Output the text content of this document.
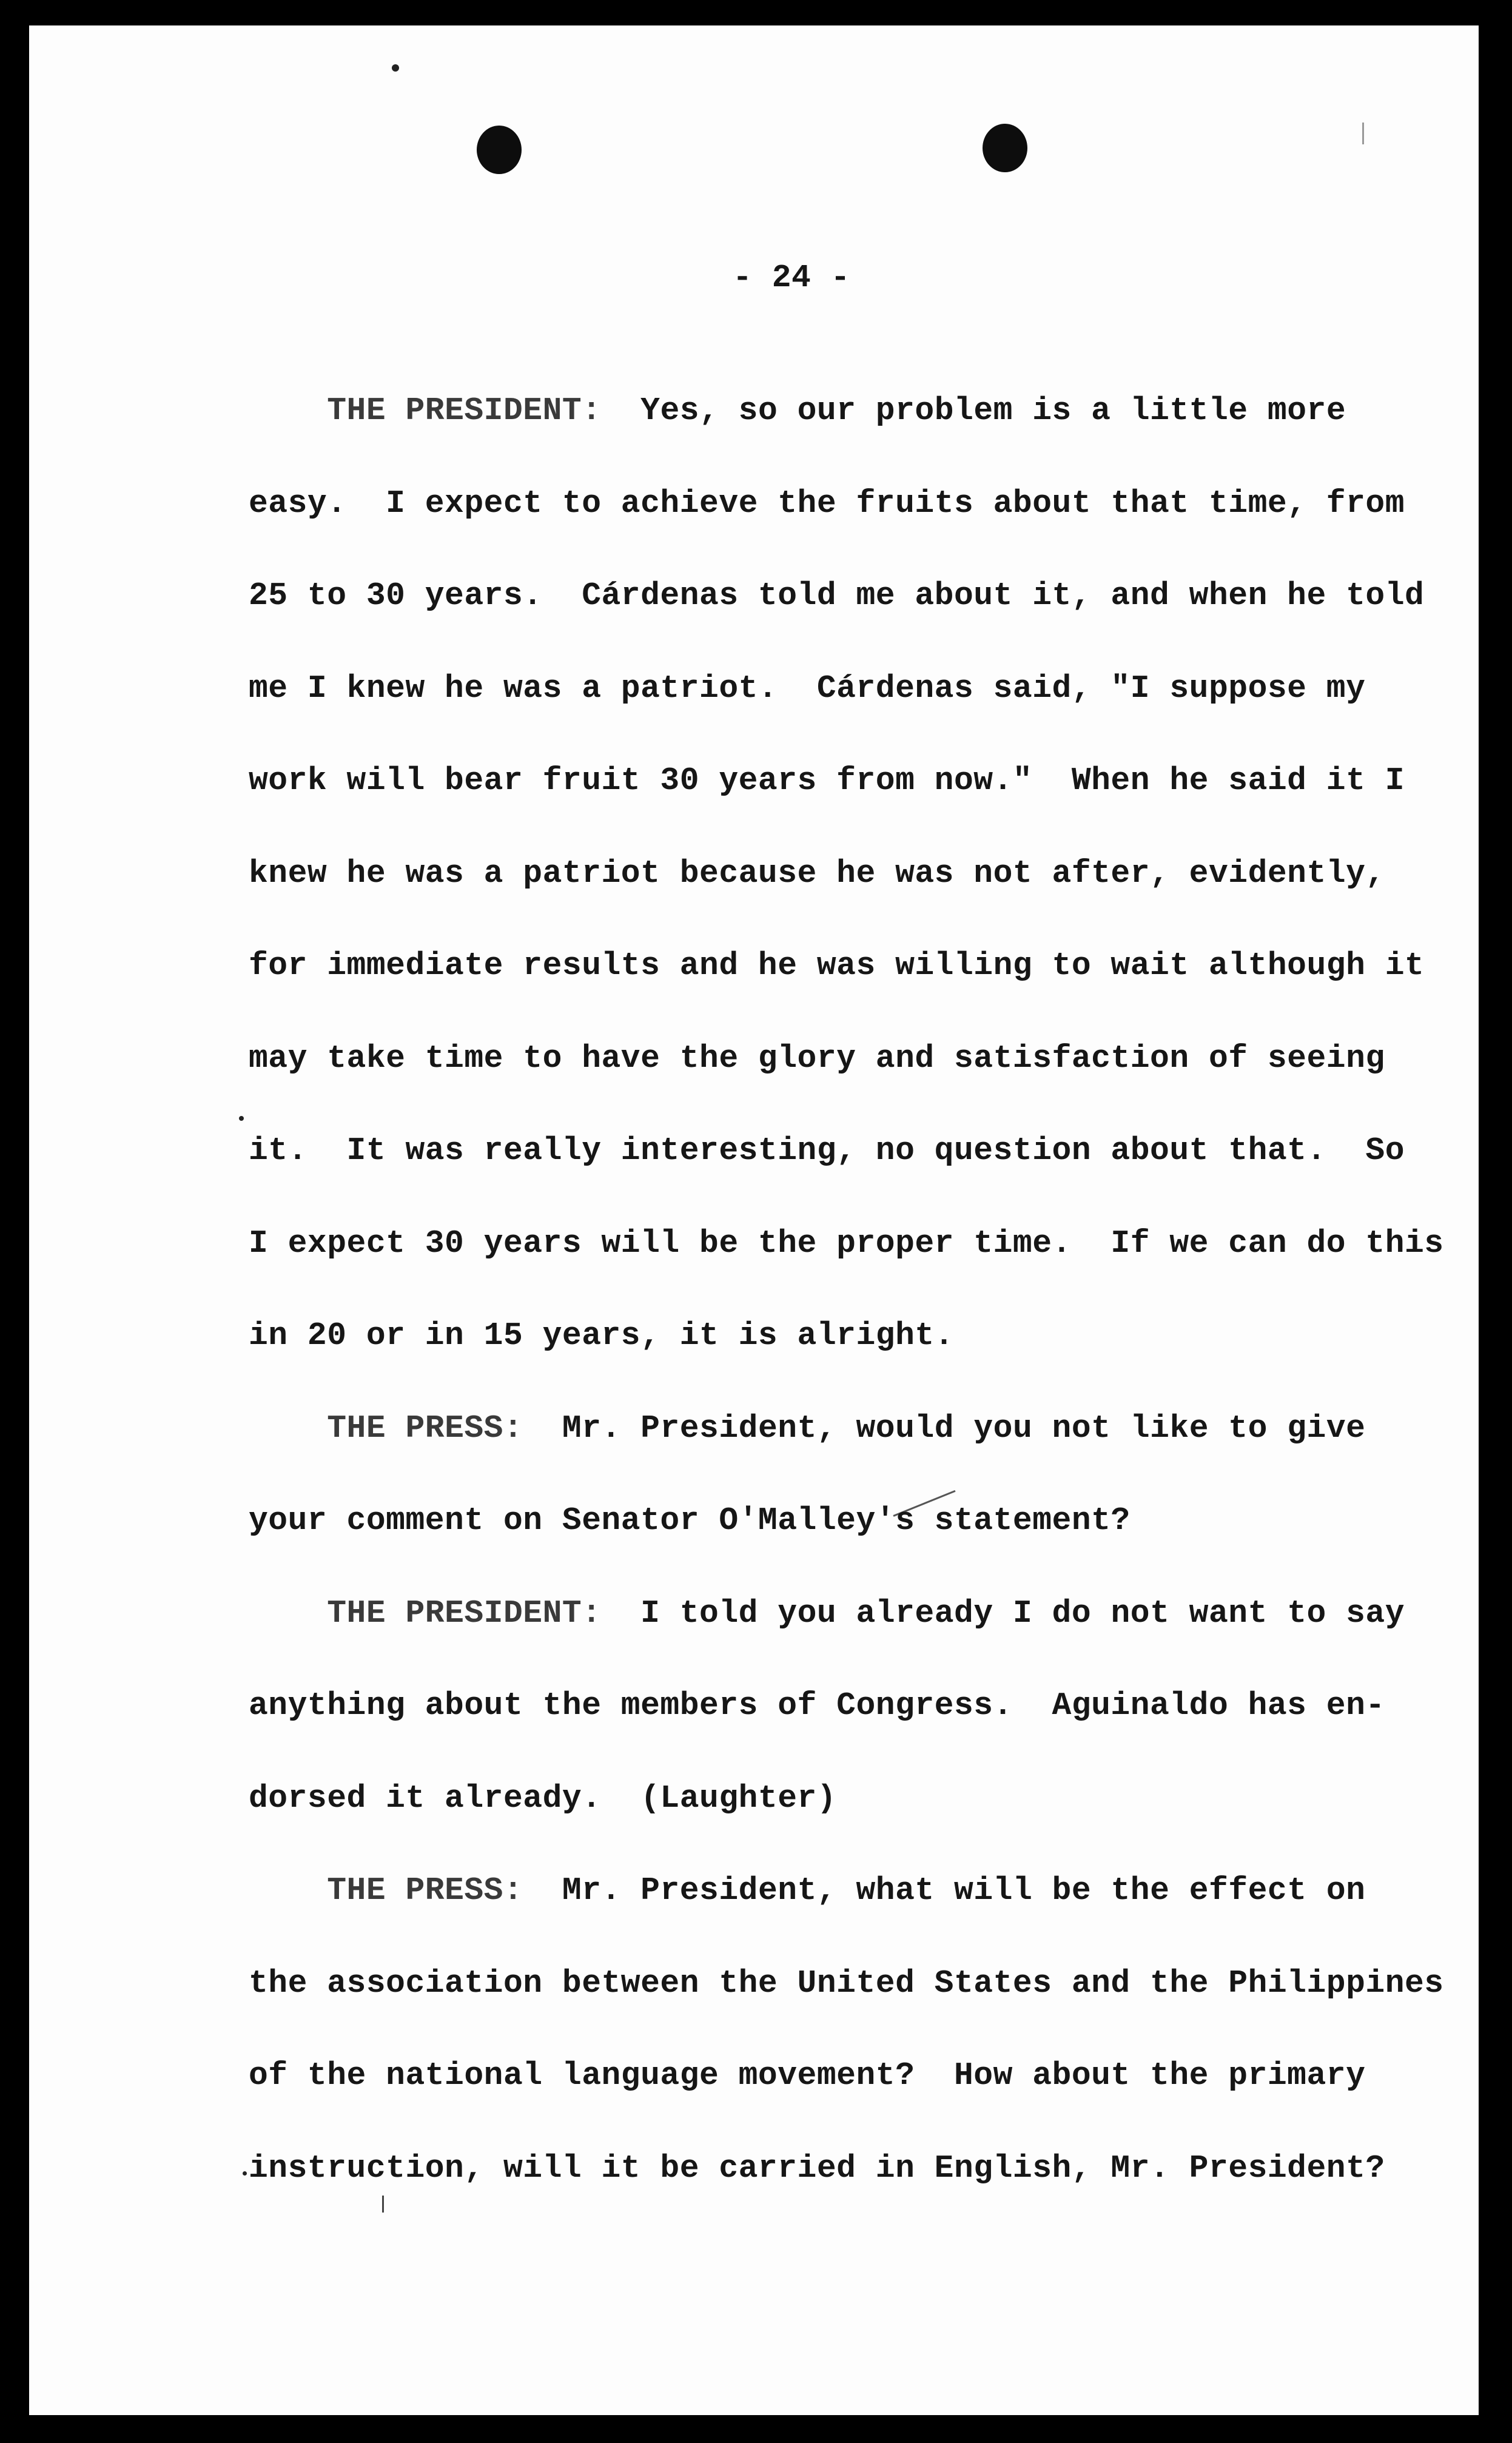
- 24 -
THE PRESIDENT: Yes, so our problem is a little more
easy.  I expect to achieve the fruits about that time, from
25 to 30 years.  Cárdenas told me about it, and when he told
me I knew he was a patriot.  Cárdenas said, "I suppose my
work will bear fruit 30 years from now."  When he said it I
knew he was a patriot because he was not after, evidently,
for immediate results and he was willing to wait although it
may take time to have the glory and satisfaction of seeing
it.  It was really interesting, no question about that.  So
I expect 30 years will be the proper time.  If we can do this
in 20 or in 15 years, it is alright.
THE PRESS: Mr. President, would you not like to give
your comment on Senator O'Malley's statement?
THE PRESIDENT: I told you already I do not want to say
anything about the members of Congress.  Aguinaldo has en-
dorsed it already.  (Laughter)
THE PRESS: Mr. President, what will be the effect on
the association between the United States and the Philippines
of the national language movement?  How about the primary
instruction, will it be carried in English, Mr. President?
